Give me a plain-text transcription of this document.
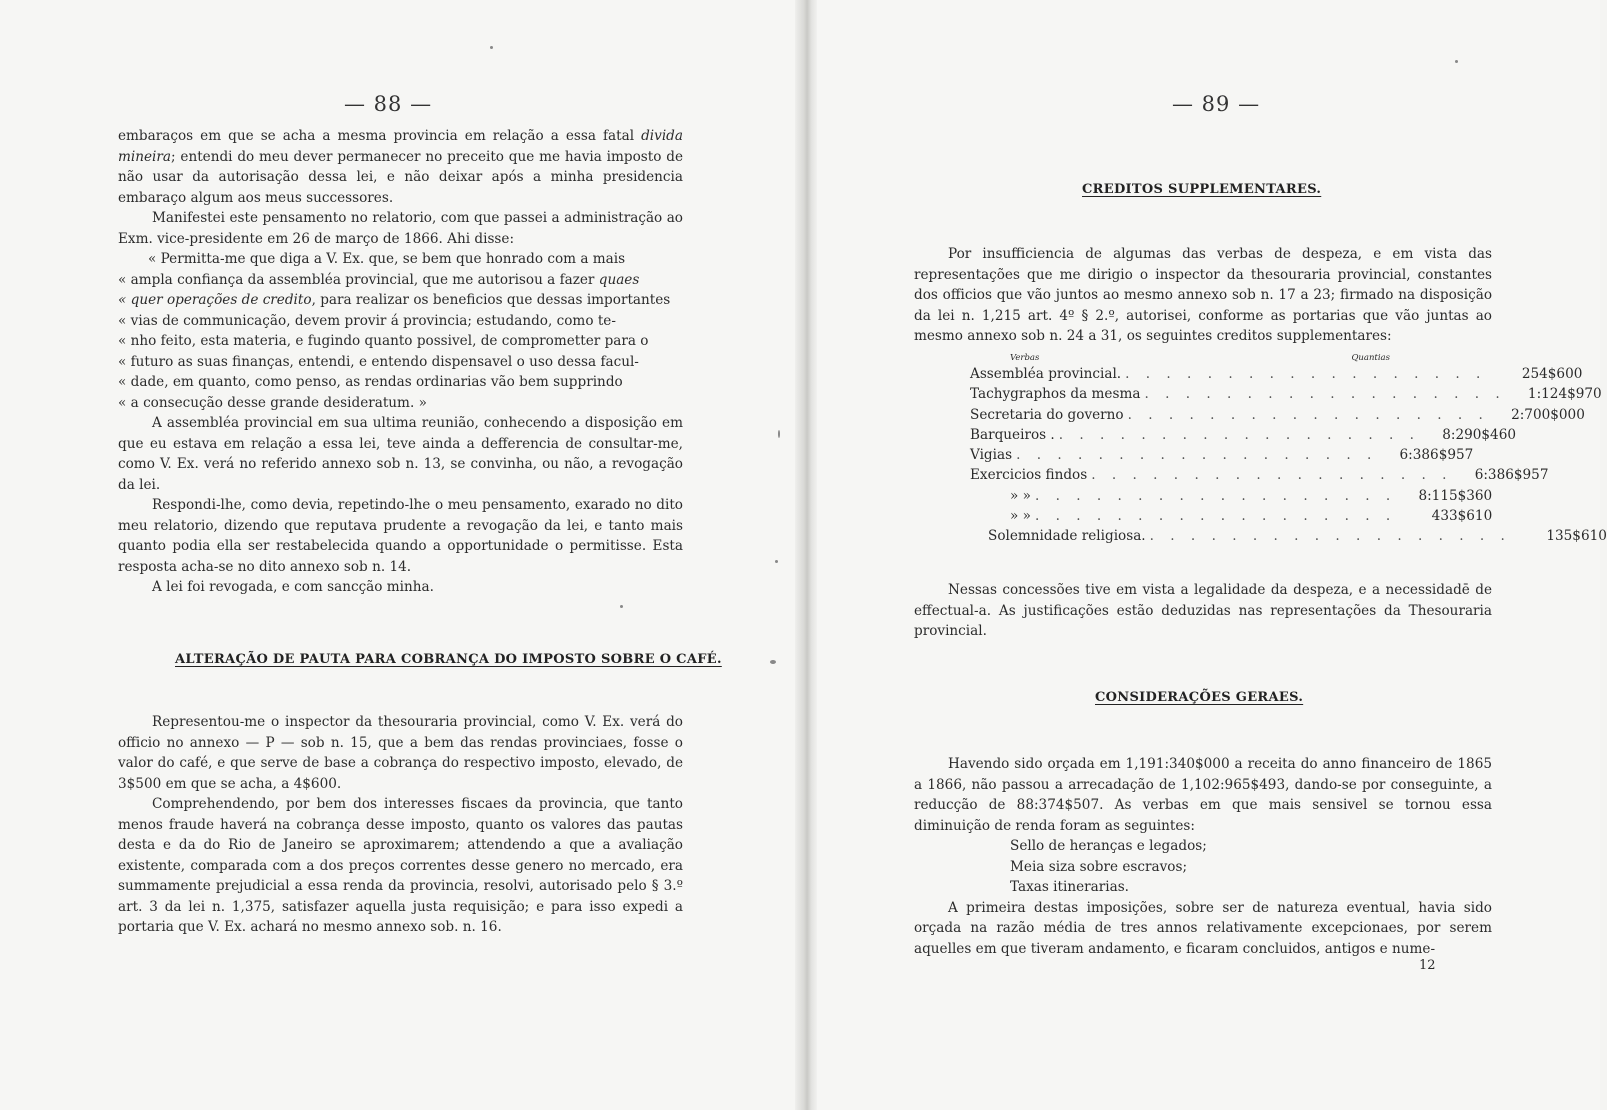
— 88 —

embaraços em que se acha a mesma provincia em relação a essa fatal divida mineira; entendi do meu dever permanecer no preceito que me havia imposto de não usar da autorisação dessa lei, e não deixar após a minha presidencia embaraço algum aos meus successores.

Manifestei este pensamento no relatorio, com que passei a administração ao Exm. vice-presidente em 26 de março de 1866. Ahi disse:

« Permitta-me que diga a V. Ex. que, se bem que honrado com a mais
« ampla confiança da assembléa provincial, que me autorisou a fazer quaes
« quer operações de credito, para realizar os beneficios que dessas importantes
« vias de communicação, devem provir á provincia; estudando, como te-
« nho feito, esta materia, e fugindo quanto possivel, de comprometter para o
« futuro as suas finanças, entendi, e entendo dispensavel o uso dessa facul-
« dade, em quanto, como penso, as rendas ordinarias vão bem supprindo
« a consecução desse grande desideratum. »

A assembléa provincial em sua ultima reunião, conhecendo a disposição em que eu estava em relação a essa lei, teve ainda a defferencia de consultar-me, como V. Ex. verá no referido annexo sob n. 13, se convinha, ou não, a revogação da lei.

Respondi-lhe, como devia, repetindo-lhe o meu pensamento, exarado no dito meu relatorio, dizendo que reputava prudente a revogação da lei, e tanto mais quanto podia ella ser restabelecida quando a opportunidade o permitisse. Esta resposta acha-se no dito annexo sob n. 14.

A lei foi revogada, e com sancção minha.

ALTERAÇÃO DE PAUTA PARA COBRANÇA DO IMPOSTO SOBRE O CAFÉ.

Representou-me o inspector da thesouraria provincial, como V. Ex. verá do officio no annexo — P — sob n. 15, que a bem das rendas provinciaes, fosse o valor do café, e que serve de base a cobrança do respectivo imposto, elevado, de 3$500 em que se acha, a 4$600.

Comprehendendo, por bem dos interesses fiscaes da provincia, que tanto menos fraude haverá na cobrança desse imposto, quanto os valores das pautas desta e da do Rio de Janeiro se aproximarem; attendendo a que a avaliação existente, comparada com a dos preços correntes desse genero no mercado, era summamente prejudicial a essa renda da provincia, resolvi, autorisado pelo § 3.º art. 3 da lei n. 1,375, satisfazer aquella justa requisição; e para isso expedi a portaria que V. Ex. achará no mesmo annexo sob. n. 16.

— 89 —
CREDITOS SUPPLEMENTARES.

Por insufficiencia de algumas das verbas de despeza, e em vista das representações que me dirigio o inspector da thesouraria provincial, constantes dos officios que vão juntos ao mesmo annexo sob n. 17 a 23; firmado na disposição da lei n. 1,215 art. 4º § 2.º, autorisei, conforme as portarias que vão juntas ao mesmo annexo sob n. 24 a 31, os seguintes creditos supplementares:

Verbas	Quantias
Assembléa provincial. . . . . . . . . . . . . . . . . . .	254$600
Tachygraphos da mesma . . . . . . . . . . . . . . . . . .	1:124$970
Secretaria do governo . . . . . . . . . . . . . . . . . .	2:700$000
Barqueiros . . . . . . . . . . . . . . . . . . .	8:290$460
Vigias . . . . . . . . . . . . . . . . . .	6:386$957
Exercicios findos . . . . . . . . . . . . . . . . . .	6:386$957
» » . . . . . . . . . . . . . . . . . .	8:115$360
» » . . . . . . . . . . . . . . . . . .	433$610
Solemnidade religiosa. . . . . . . . . . . . . . . . . . .	135$610

Nessas concessões tive em vista a legalidade da despeza, e a necessidadē de effectual-a. As justificações estão deduzidas nas representações da Thesouraria provincial.

CONSIDERAÇÕES GERAES.

Havendo sido orçada em 1,191:340$000 a receita do anno financeiro de 1865 a 1866, não passou a arrecadação de 1,102:965$493, dando-se por conseguinte, a reducção de 88:374$507. As verbas em que mais sensivel se tornou essa diminuição de renda foram as seguintes:

Sello de heranças e legados;

Meia siza sobre escravos;

Taxas itinerarias.

A primeira destas imposições, sobre ser de natureza eventual, havia sido orçada na razão média de tres annos relativamente excepcionaes, por serem aquelles em que tiveram andamento, e ficaram concluidos, antigos e nume-

12
